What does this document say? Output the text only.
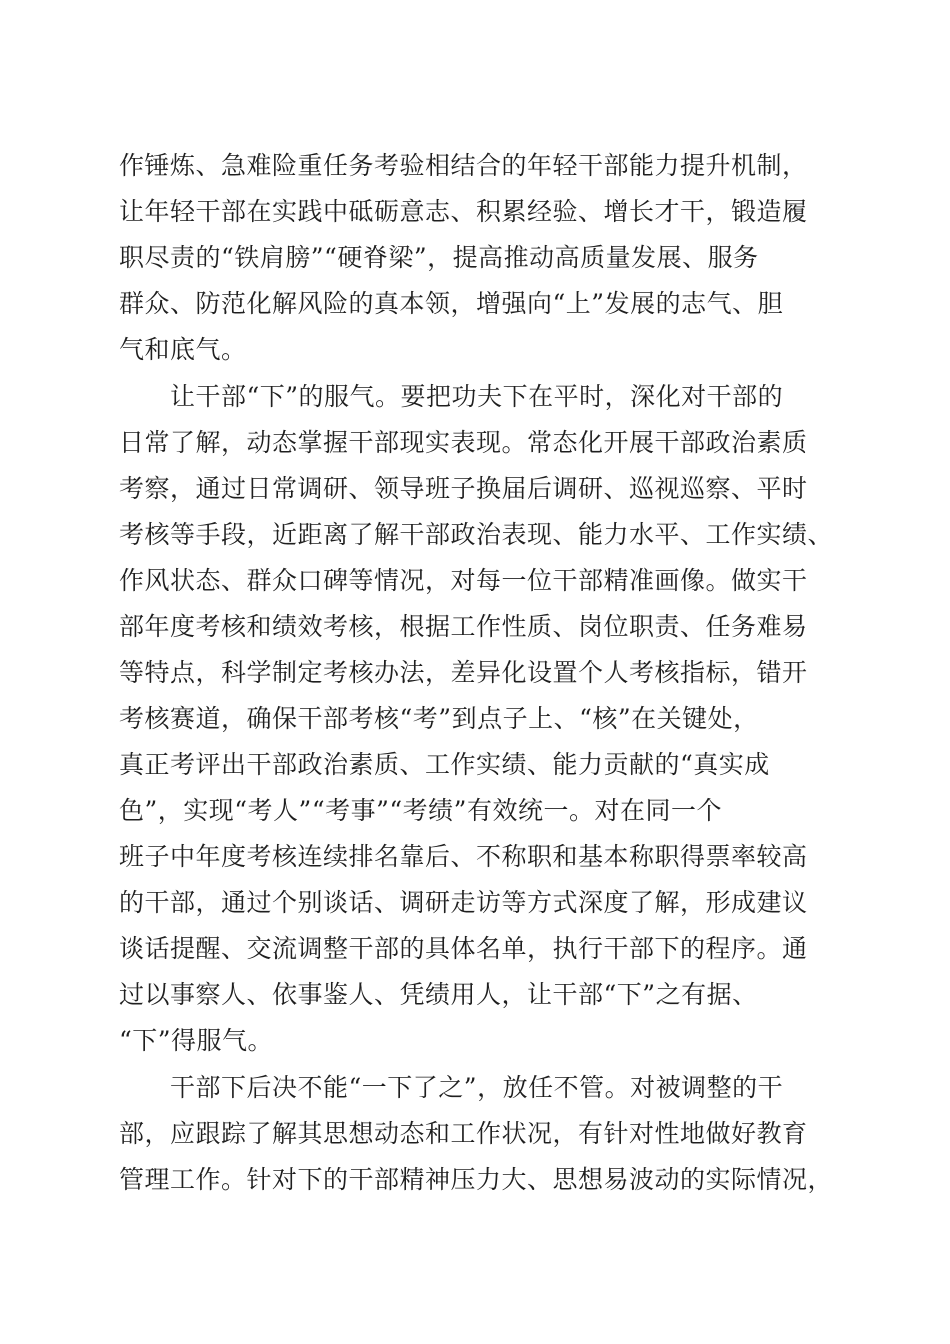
作锤炼、急难险重任务考验相结合的年轻干部能力提升机制，
让年轻干部在实践中砥砺意志、积累经验、增长才干，锻造履
职尽责的“铁肩膀”“硬脊梁”，提高推动高质量发展、服务
群众、防范化解风险的真本领，增强向“上”发展的志气、胆
气和底气。
让干部“下”的服气。要把功夫下在平时，深化对干部的
日常了解，动态掌握干部现实表现。常态化开展干部政治素质
考察，通过日常调研、领导班子换届后调研、巡视巡察、平时
考核等手段，近距离了解干部政治表现、能力水平、工作实绩、
作风状态、群众口碑等情况，对每一位干部精准画像。做实干
部年度考核和绩效考核，根据工作性质、岗位职责、任务难易
等特点，科学制定考核办法，差异化设置个人考核指标，错开
考核赛道，确保干部考核“考”到点子上、“核”在关键处，
真正考评出干部政治素质、工作实绩、能力贡献的“真实成
色”，实现“考人”“考事”“考绩”有效统一。对在同一个
班子中年度考核连续排名靠后、不称职和基本称职得票率较高
的干部，通过个别谈话、调研走访等方式深度了解，形成建议
谈话提醒、交流调整干部的具体名单，执行干部下的程序。通
过以事察人、依事鉴人、凭绩用人，让干部“下”之有据、
“下”得服气。
干部下后决不能“一下了之”，放任不管。对被调整的干
部，应跟踪了解其思想动态和工作状况，有针对性地做好教育
管理工作。针对下的干部精神压力大、思想易波动的实际情况，
